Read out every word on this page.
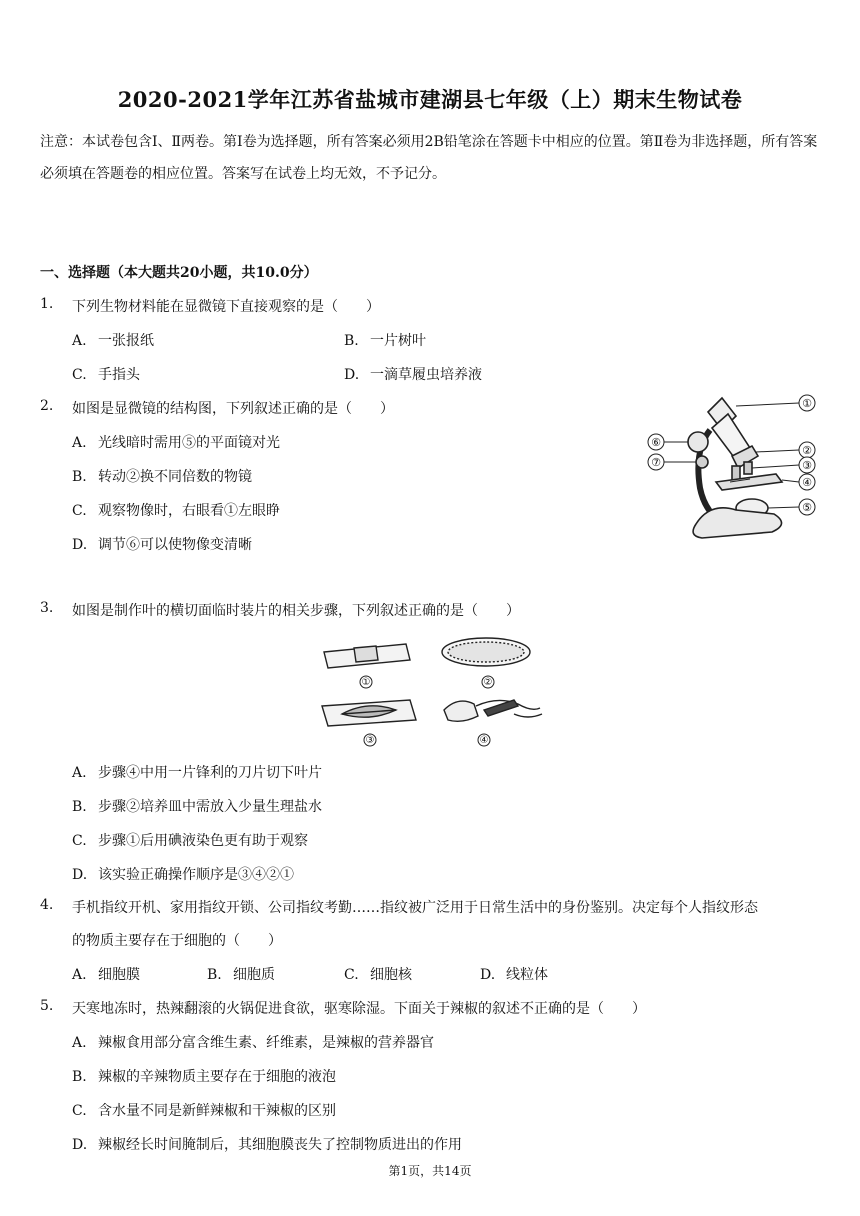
2020-2021学年江苏省盐城市建湖县七年级（上）期末生物试卷
注意：本试卷包含Ⅰ、Ⅱ两卷。第Ⅰ卷为选择题，所有答案必须用2B铅笔涂在答题卡中相应的位置。第Ⅱ卷为非选择题，所有答案必须填在答题卷的相应位置。答案写在试卷上均无效，不予记分。
一、选择题（本大题共20小题，共10.0分）
1. 下列生物材料能在显微镜下直接观察的是（　　）
A. 一张报纸	B. 一片树叶
C. 手指头	D. 一滴草履虫培养液
2. 如图是显微镜的结构图，下列叙述正确的是（　　）
A. 光线暗时需用⑤的平面镜对光
B. 转动②换不同倍数的物镜
C. 观察物像时，右眼看①左眼睁
D. 调节⑥可以使物像变清晰
①
②
③
④
⑤
⑥
⑦
3. 如图是制作叶的横切面临时装片的相关步骤，下列叙述正确的是（　　）
①	②
③	④
A. 步骤④中用一片锋利的刀片切下叶片
B. 步骤②培养皿中需放入少量生理盐水
C. 步骤①后用碘液染色更有助于观察
D. 该实验正确操作顺序是③④②①
4. 手机指纹开机、家用指纹开锁、公司指纹考勤……指纹被广泛用于日常生活中的身份鉴别。决定每个人指纹形态
的物质主要存在于细胞的（　　）
A. 细胞膜	B. 细胞质	C. 细胞核	D. 线粒体
5. 天寒地冻时，热辣翻滚的火锅促进食欲，驱寒除湿。下面关于辣椒的叙述不正确的是（　　）
A. 辣椒食用部分富含维生素、纤维素，是辣椒的营养器官
B. 辣椒的辛辣物质主要存在于细胞的液泡
C. 含水量不同是新鲜辣椒和干辣椒的区别
D. 辣椒经长时间腌制后，其细胞膜丧失了控制物质进出的作用
第1页，共14页
